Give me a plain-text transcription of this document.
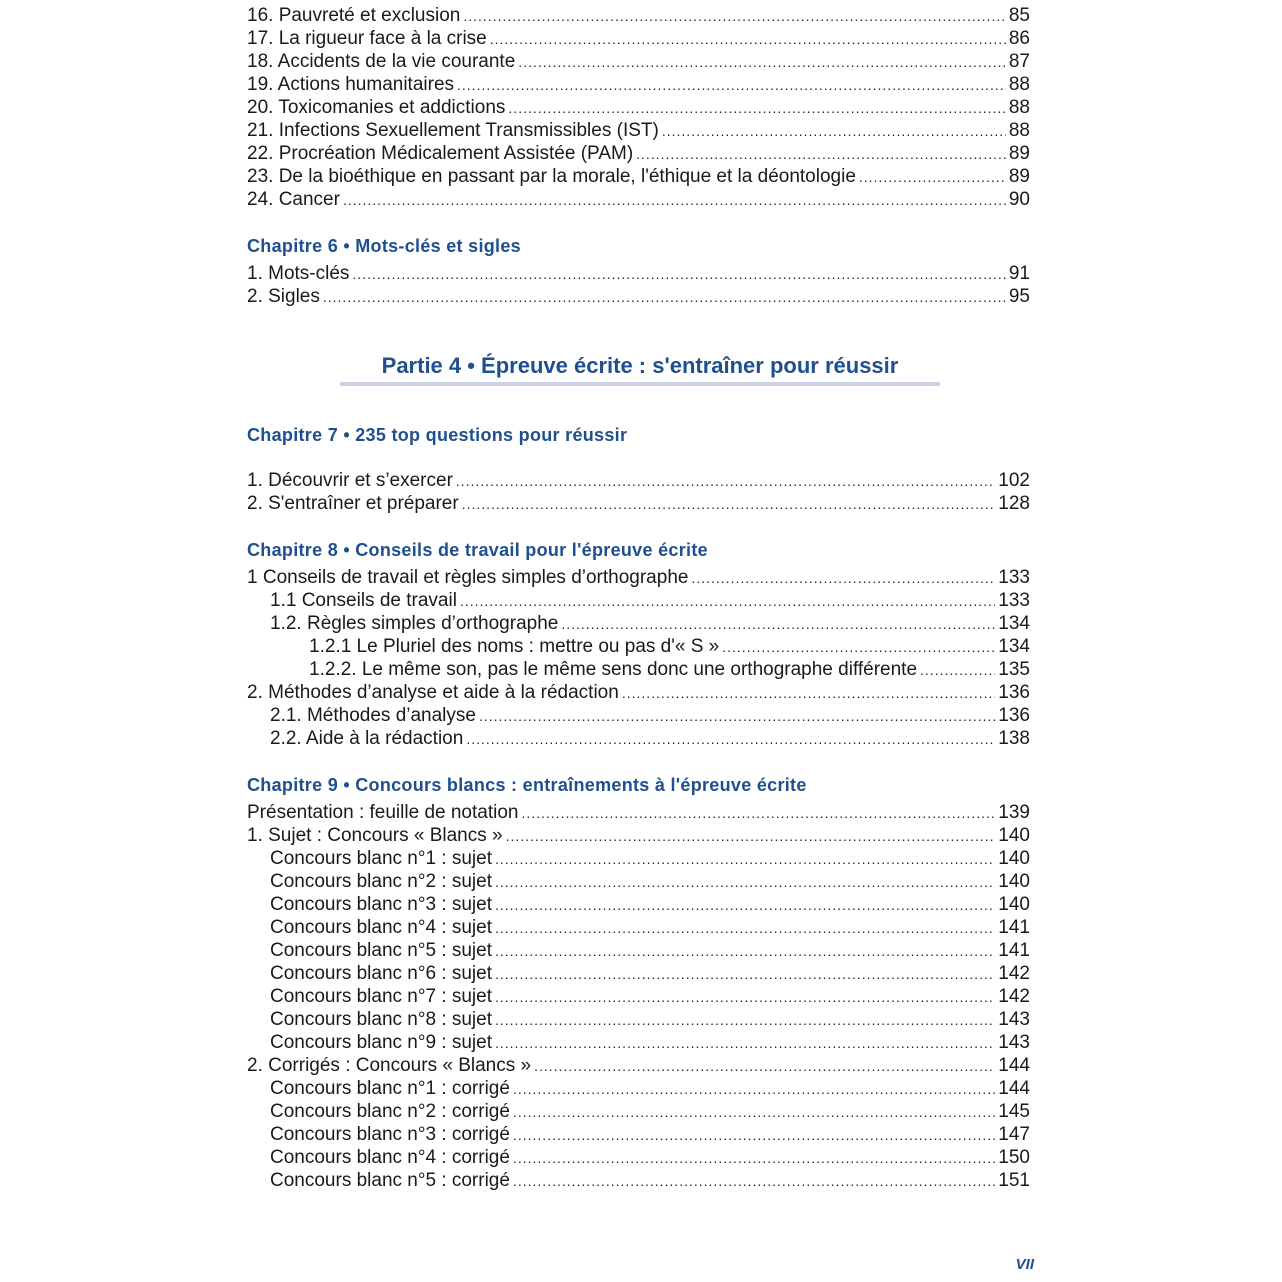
16. Pauvreté et exclusion .....	85
17. La rigueur face à la crise .....	86
18. Accidents de la vie courante .....	87
19. Actions humanitaires .....	88
20. Toxicomanies et addictions .....	88
21. Infections Sexuellement Transmissibles (IST) .....	88
22. Procréation Médicalement Assistée (PAM) .....	89
23. De la bioéthique en passant par la morale, l'éthique et la déontologie .....	89
24. Cancer .....	90
Chapitre 6 • Mots-clés et sigles
1. Mots-clés .....	91
2. Sigles .....	95
Partie 4 • Épreuve écrite : s'entraîner pour réussir
Chapitre 7 • 235 top questions pour réussir
1. Découvrir et s’exercer .....	102
2. S'entraîner et préparer .....	128
Chapitre 8 • Conseils de travail pour l'épreuve écrite
1 Conseils de travail et règles simples d’orthographe .....	133
1.1 Conseils de travail .....	133
1.2. Règles simples d’orthographe .....	134
1.2.1 Le Pluriel des noms : mettre ou pas d'« S » .....	134
1.2.2. Le même son, pas le même sens donc une orthographe différente .....	135
2. Méthodes d’analyse et aide à la rédaction .....	136
2.1. Méthodes d’analyse .....	136
2.2. Aide à la rédaction .....	138
Chapitre 9 • Concours blancs : entraînements à l'épreuve écrite
Présentation : feuille de notation .....	139
1. Sujet : Concours « Blancs » .....	140
Concours blanc n°1 : sujet .....	140
Concours blanc n°2 : sujet .....	140
Concours blanc n°3 : sujet .....	140
Concours blanc n°4 : sujet .....	141
Concours blanc n°5 : sujet .....	141
Concours blanc n°6 : sujet .....	142
Concours blanc n°7 : sujet .....	142
Concours blanc n°8 : sujet .....	143
Concours blanc n°9 : sujet .....	143
2. Corrigés : Concours « Blancs » .....	144
Concours blanc n°1 : corrigé .....	144
Concours blanc n°2 : corrigé .....	145
Concours blanc n°3 : corrigé .....	147
Concours blanc n°4 : corrigé .....	150
Concours blanc n°5 : corrigé .....	151
VII
